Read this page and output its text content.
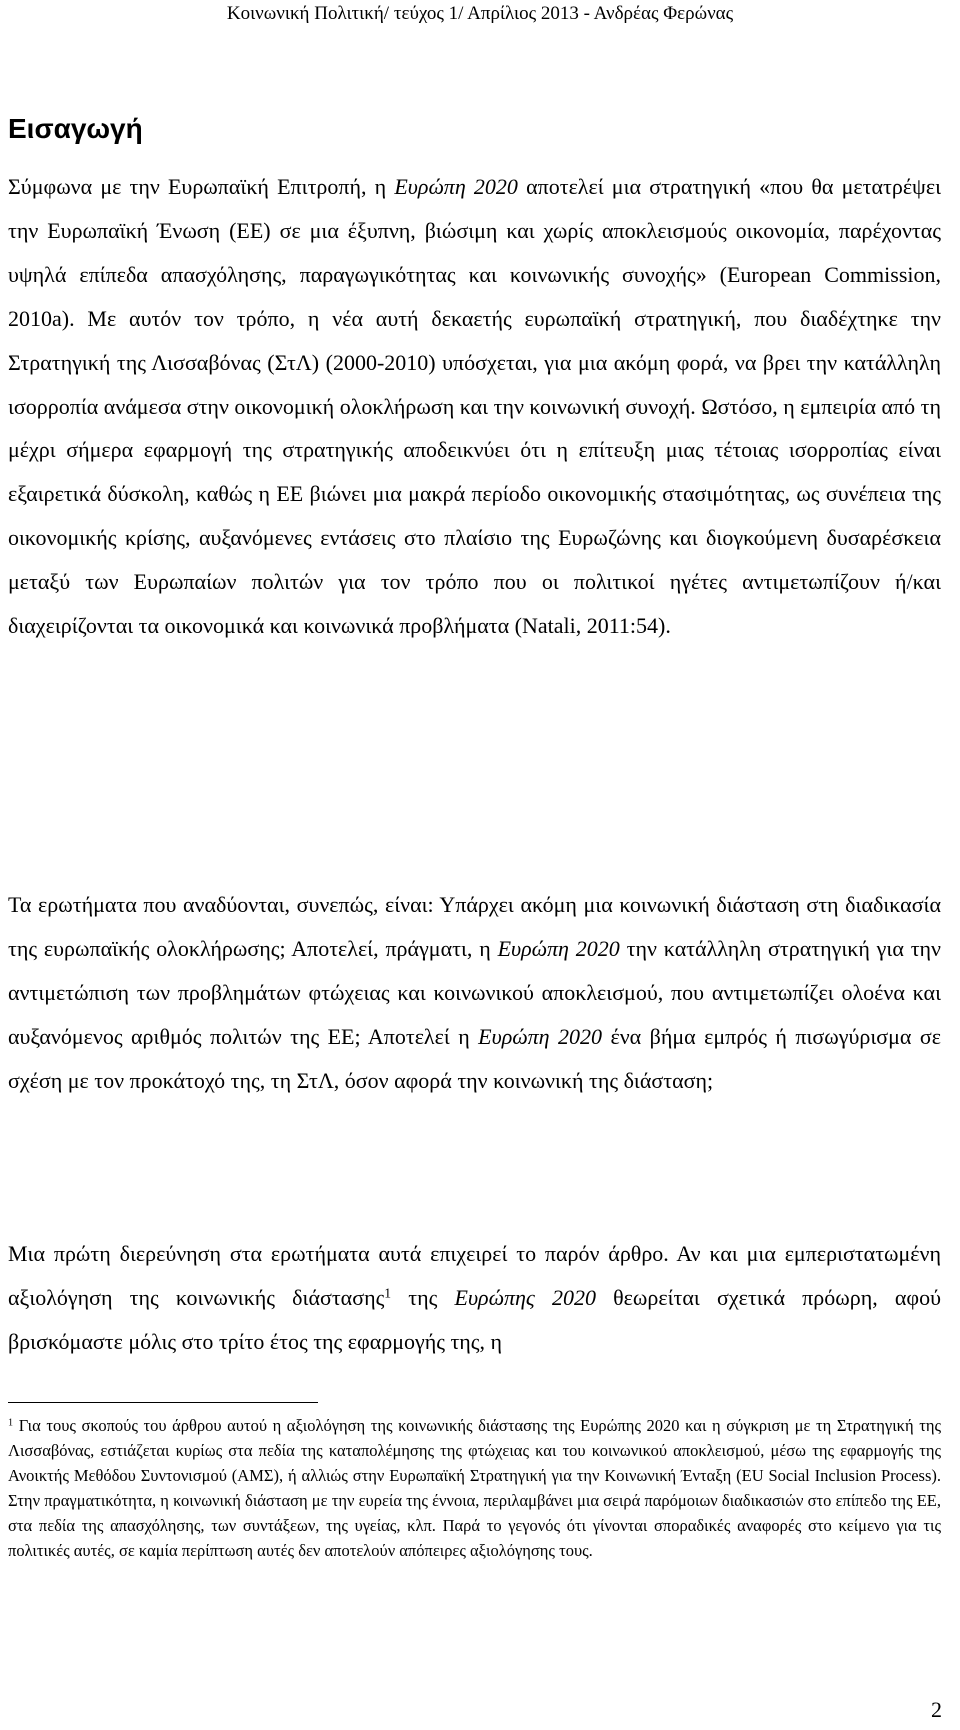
Κοινωνική Πολιτική/ τεύχος 1/ Απρίλιος 2013 - Ανδρέας Φερώνας
Εισαγωγή

Σύμφωνα με την Ευρωπαϊκή Επιτροπή, η Ευρώπη 2020 αποτελεί μια στρατηγική «που θα μετατρέψει την Ευρωπαϊκή Ένωση (ΕΕ) σε μια έξυπνη, βιώσιμη και χωρίς αποκλεισμούς οικονομία, παρέχοντας υψηλά επίπεδα απασχόλησης, παραγωγικότητας και κοινωνικής συνοχής» (European Commission, 2010a). Με αυτόν τον τρόπο, η νέα αυτή δεκαετής ευρωπαϊκή στρατηγική, που διαδέχτηκε την Στρατηγική της Λισσαβόνας (ΣτΛ) (2000-2010) υπόσχεται, για μια ακόμη φορά, να βρει την κατάλληλη ισορροπία ανάμεσα στην οικονομική ολοκλήρωση και την κοινωνική συνοχή. Ωστόσο, η εμπειρία από τη μέχρι σήμερα εφαρμογή της στρατηγικής αποδεικνύει ότι η επίτευξη μιας τέτοιας ισορροπίας είναι εξαιρετικά δύσκολη, καθώς η ΕΕ βιώνει μια μακρά περίοδο οικονομικής στασιμότητας, ως συνέπεια της οικονομικής κρίσης, αυξανόμενες εντάσεις στο πλαίσιο της Ευρωζώνης και διογκούμενη δυσαρέσκεια μεταξύ των Ευρωπαίων πολιτών για τον τρόπο που οι πολιτικοί ηγέτες αντιμετωπίζουν ή/και διαχειρίζονται τα οικονομικά και κοινωνικά προβλήματα (Natali, 2011:54).

Τα ερωτήματα που αναδύονται, συνεπώς, είναι: Υπάρχει ακόμη μια κοινωνική διάσταση στη διαδικασία της ευρωπαϊκής ολοκλήρωσης; Αποτελεί, πράγματι, η Ευρώπη 2020 την κατάλληλη στρατηγική για την αντιμετώπιση των προβλημάτων φτώχειας και κοινωνικού αποκλεισμού, που αντιμετωπίζει ολοένα και αυξανόμενος αριθμός πολιτών της ΕΕ; Αποτελεί η Ευρώπη 2020 ένα βήμα εμπρός ή πισωγύρισμα σε σχέση με τον προκάτοχό της, τη ΣτΛ, όσον αφορά την κοινωνική της διάσταση;

Μια πρώτη διερεύνηση στα ερωτήματα αυτά επιχειρεί το παρόν άρθρο. Αν και μια εμπεριστατωμένη αξιολόγηση της κοινωνικής διάστασης$^1$ της Ευρώπης 2020 θεωρείται σχετικά πρόωρη, αφού βρισκόμαστε μόλις στο τρίτο έτος της εφαρμογής της, η

$^1$ Για τους σκοπούς του άρθρου αυτού η αξιολόγηση της κοινωνικής διάστασης της Ευρώπης 2020 και η σύγκριση με τη Στρατηγική της Λισσαβόνας, εστιάζεται κυρίως στα πεδία της καταπολέμησης της φτώχειας και του κοινωνικού αποκλεισμού, μέσω της εφαρμογής της Ανοικτής Μεθόδου Συντονισμού (ΑΜΣ), ή αλλιώς στην Ευρωπαϊκή Στρατηγική για την Κοινωνική Ένταξη (EU Social Inclusion Process). Στην πραγματικότητα, η κοινωνική διάσταση με την ευρεία της έννοια, περιλαμβάνει μια σειρά παρόμοιων διαδικασιών στο επίπεδο της ΕΕ, στα πεδία της απασχόλησης, των συντάξεων, της υγείας, κλπ. Παρά το γεγονός ότι γίνονται σποραδικές αναφορές στο κείμενο για τις πολιτικές αυτές, σε καμία περίπτωση αυτές δεν αποτελούν απόπειρες αξιολόγησης τους.

2
